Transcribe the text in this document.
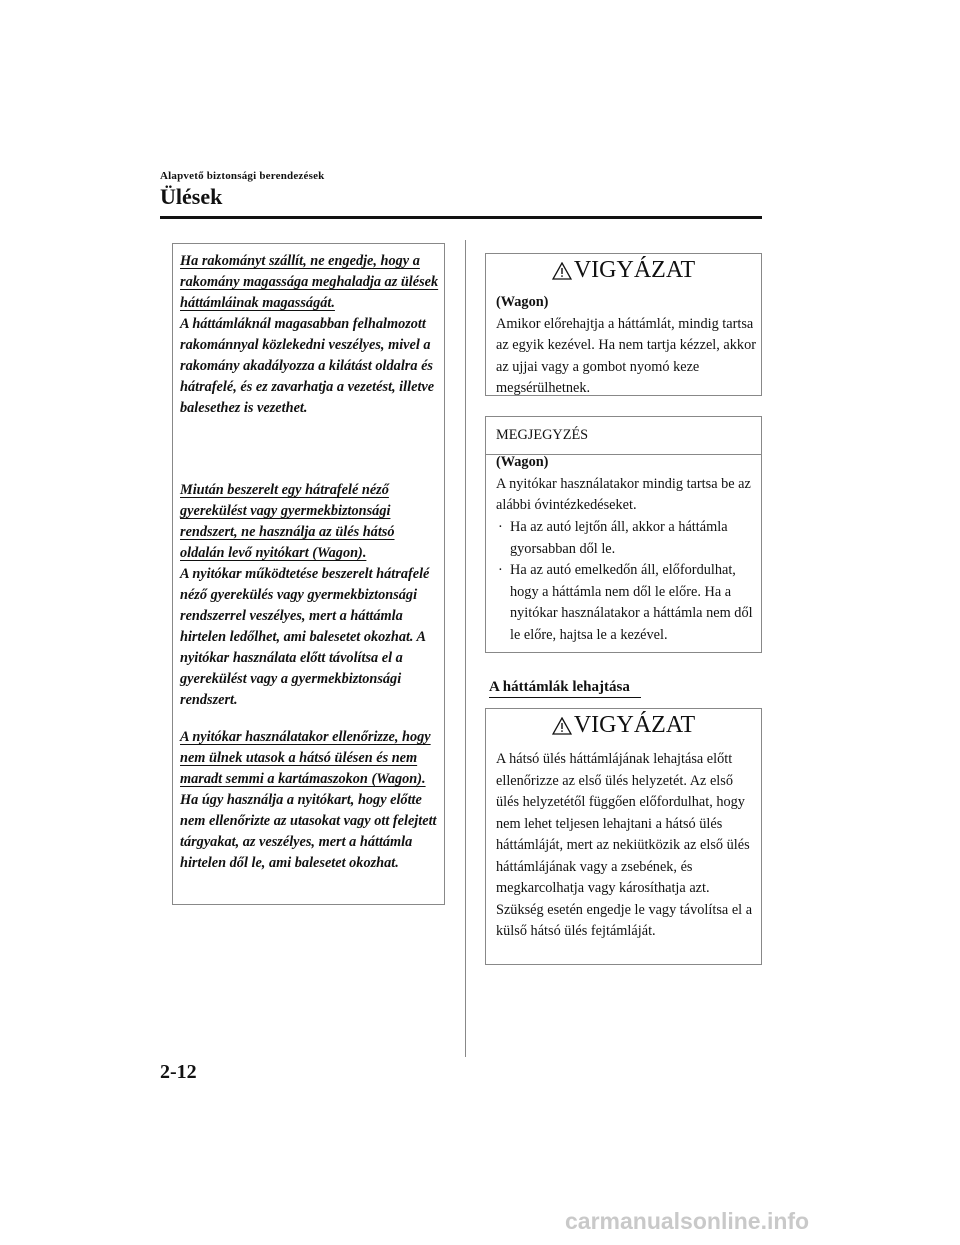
Alapvető biztonsági berendezések
Ülések

Ha rakományt szállít, ne engedje, hogy a rakomány magassága meghaladja az ülések háttámláinak magasságát.
A háttámláknál magasabban felhalmozott rakománnyal közlekedni veszélyes, mivel a rakomány akadályozza a kilátást oldalra és hátrafelé, és ez zavarhatja a vezetést, illetve balesethez is vezethet.

Miután beszerelt egy hátrafelé néző gyerekülést vagy gyermekbiztonsági rendszert, ne használja az ülés hátsó oldalán levő nyitókart (Wagon).
A nyitókar működtetése beszerelt hátrafelé néző gyerekülés vagy gyermekbiztonsági rendszerrel veszélyes, mert a háttámla hirtelen ledőlhet, ami balesetet okozhat. A nyitókar használata előtt távolítsa el a gyerekülést vagy a gyermekbiztonsági rendszert.

A nyitókar használatakor ellenőrizze, hogy nem ülnek utasok a hátsó ülésen és nem maradt semmi a kartámaszokon (Wagon).
Ha úgy használja a nyitókart, hogy előtte nem ellenőrizte az utasokat vagy ott felejtett tárgyakat, az veszélyes, mert a háttámla hirtelen dől le, ami balesetet okozhat.

VIGYÁZAT

(Wagon)
Amikor előrehajtja a háttámlát, mindig tartsa az egyik kezével. Ha nem tartja kézzel, akkor az ujjai vagy a gombot nyomó keze megsérülhetnek.

MEGJEGYZÉS

(Wagon)
A nyitókar használatakor mindig tartsa be az alábbi óvintézkedéseket.

· Ha az autó lejtőn áll, akkor a háttámla gyorsabban dől le.

· Ha az autó emelkedőn áll, előfordulhat, hogy a háttámla nem dől le előre. Ha a nyitókar használatakor a háttámla nem dől le előre, hajtsa le a kezével.

A háttámlák lehajtása
VIGYÁZAT

A hátsó ülés háttámlájának lehajtása előtt ellenőrizze az első ülés helyzetét. Az első ülés helyzetétől függően előfordulhat, hogy nem lehet teljesen lehajtani a hátsó ülés háttámláját, mert az nekiütközik az első ülés háttámlájának vagy a zsebének, és megkarcolhatja vagy károsíthatja azt. Szükség esetén engedje le vagy távolítsa el a külső hátsó ülés fejtámláját.

2-12
carmanualsonline.info
